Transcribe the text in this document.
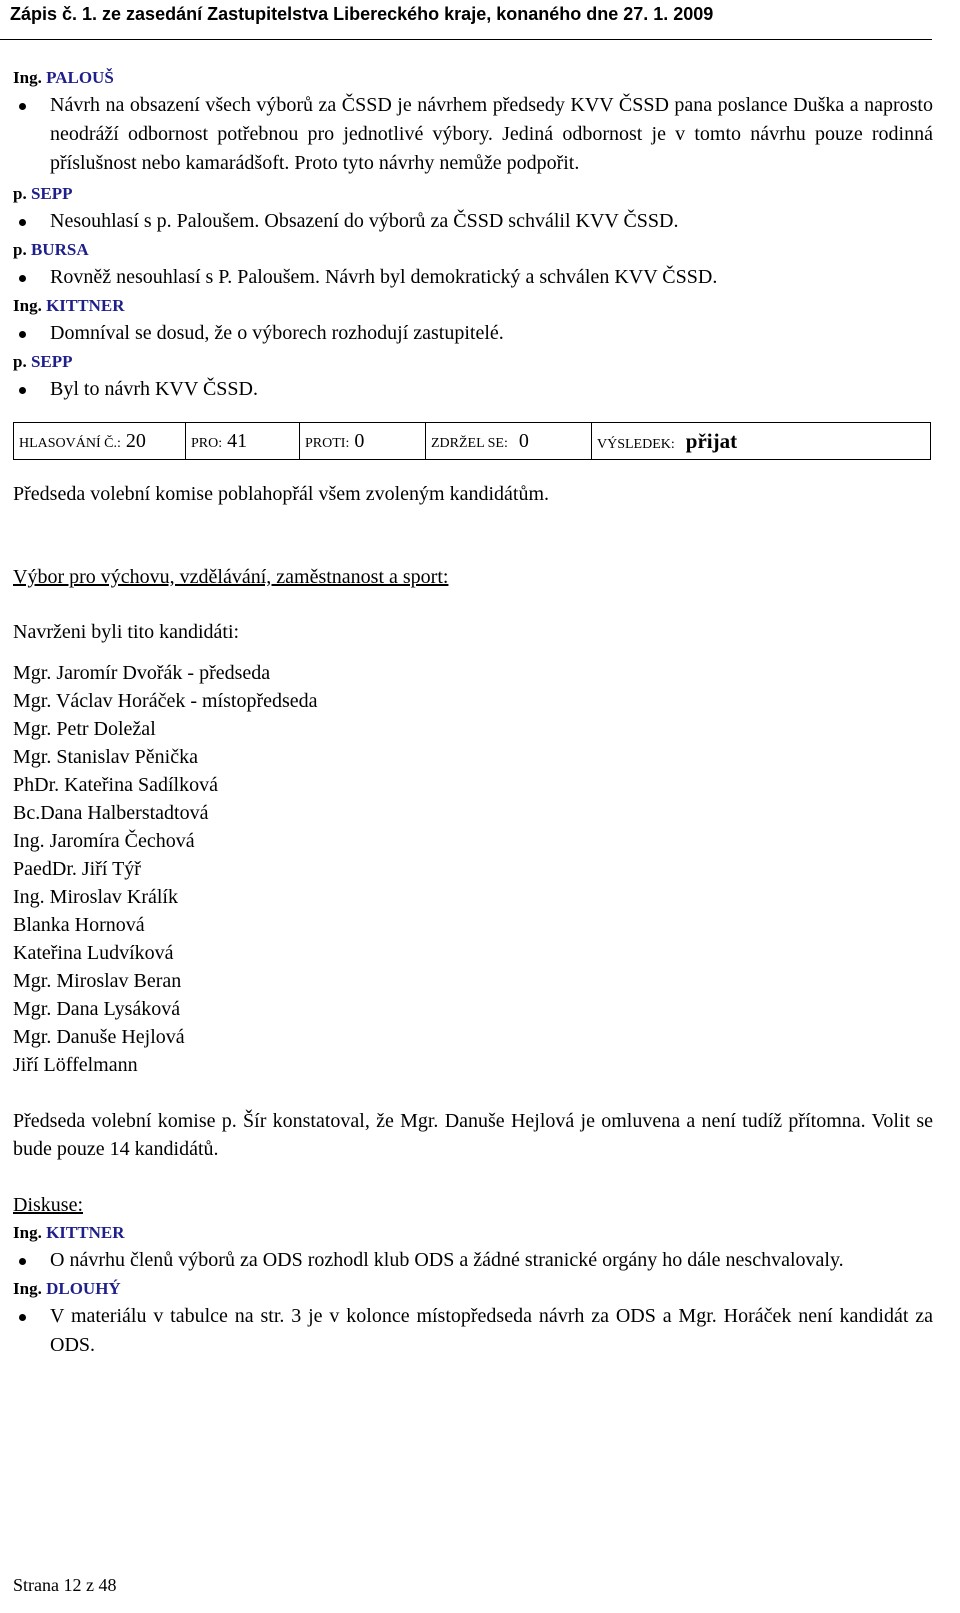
Zápis č. 1. ze zasedání Zastupitelstva Libereckého kraje, konaného dne 27. 1. 2009
Ing. PALOUŠ
Návrh na obsazení všech výborů za ČSSD je návrhem předsedy KVV ČSSD pana poslance Duška a naprosto neodráží odbornost potřebnou pro jednotlivé výbory. Jediná odbornost je v tomto návrhu pouze rodinná příslušnost nebo kamarádšoft. Proto tyto návrhy nemůže podpořit.
p. SEPP
Nesouhlasí s p. Paloušem. Obsazení do výborů za ČSSD schválil KVV ČSSD.
p. BURSA
Rovněž nesouhlasí s P. Paloušem. Návrh byl demokratický a schválen KVV ČSSD.
Ing. KITTNER
Domníval se dosud, že o výborech rozhodují zastupitelé.
p. SEPP
Byl to návrh KVV ČSSD.
HLASOVÁNÍ Č.: 20	PRO: 41	PROTI: 0	ZDRŽEL SE: 0	VÝSLEDEK: přijat
Předseda volební komise poblahopřál všem zvoleným kandidátům.
Výbor pro výchovu, vzdělávání, zaměstnanost a sport:
Navrženi byli tito kandidáti:
Mgr. Jaromír Dvořák - předseda
Mgr. Václav Horáček - místopředseda
Mgr. Petr Doležal
Mgr. Stanislav Pěnička
PhDr. Kateřina Sadílková
Bc.Dana Halberstadtová
Ing. Jaromíra Čechová
PaedDr. Jiří Týř
Ing. Miroslav Králík
Blanka Hornová
Kateřina Ludvíková
Mgr. Miroslav Beran
Mgr. Dana Lysáková
Mgr. Danuše Hejlová
Jiří Löffelmann
Předseda volební komise p. Šír konstatoval, že Mgr. Danuše Hejlová je omluvena a není tudíž přítomna. Volit se bude pouze 14 kandidátů.
Diskuse:
Ing. KITTNER
O návrhu členů výborů za ODS rozhodl klub ODS a žádné stranické orgány ho dále neschvalovaly.
Ing. DLOUHÝ
V materiálu v tabulce na str. 3 je v kolonce místopředseda návrh za ODS a Mgr. Horáček není kandidát za ODS.
Strana 12 z 48
